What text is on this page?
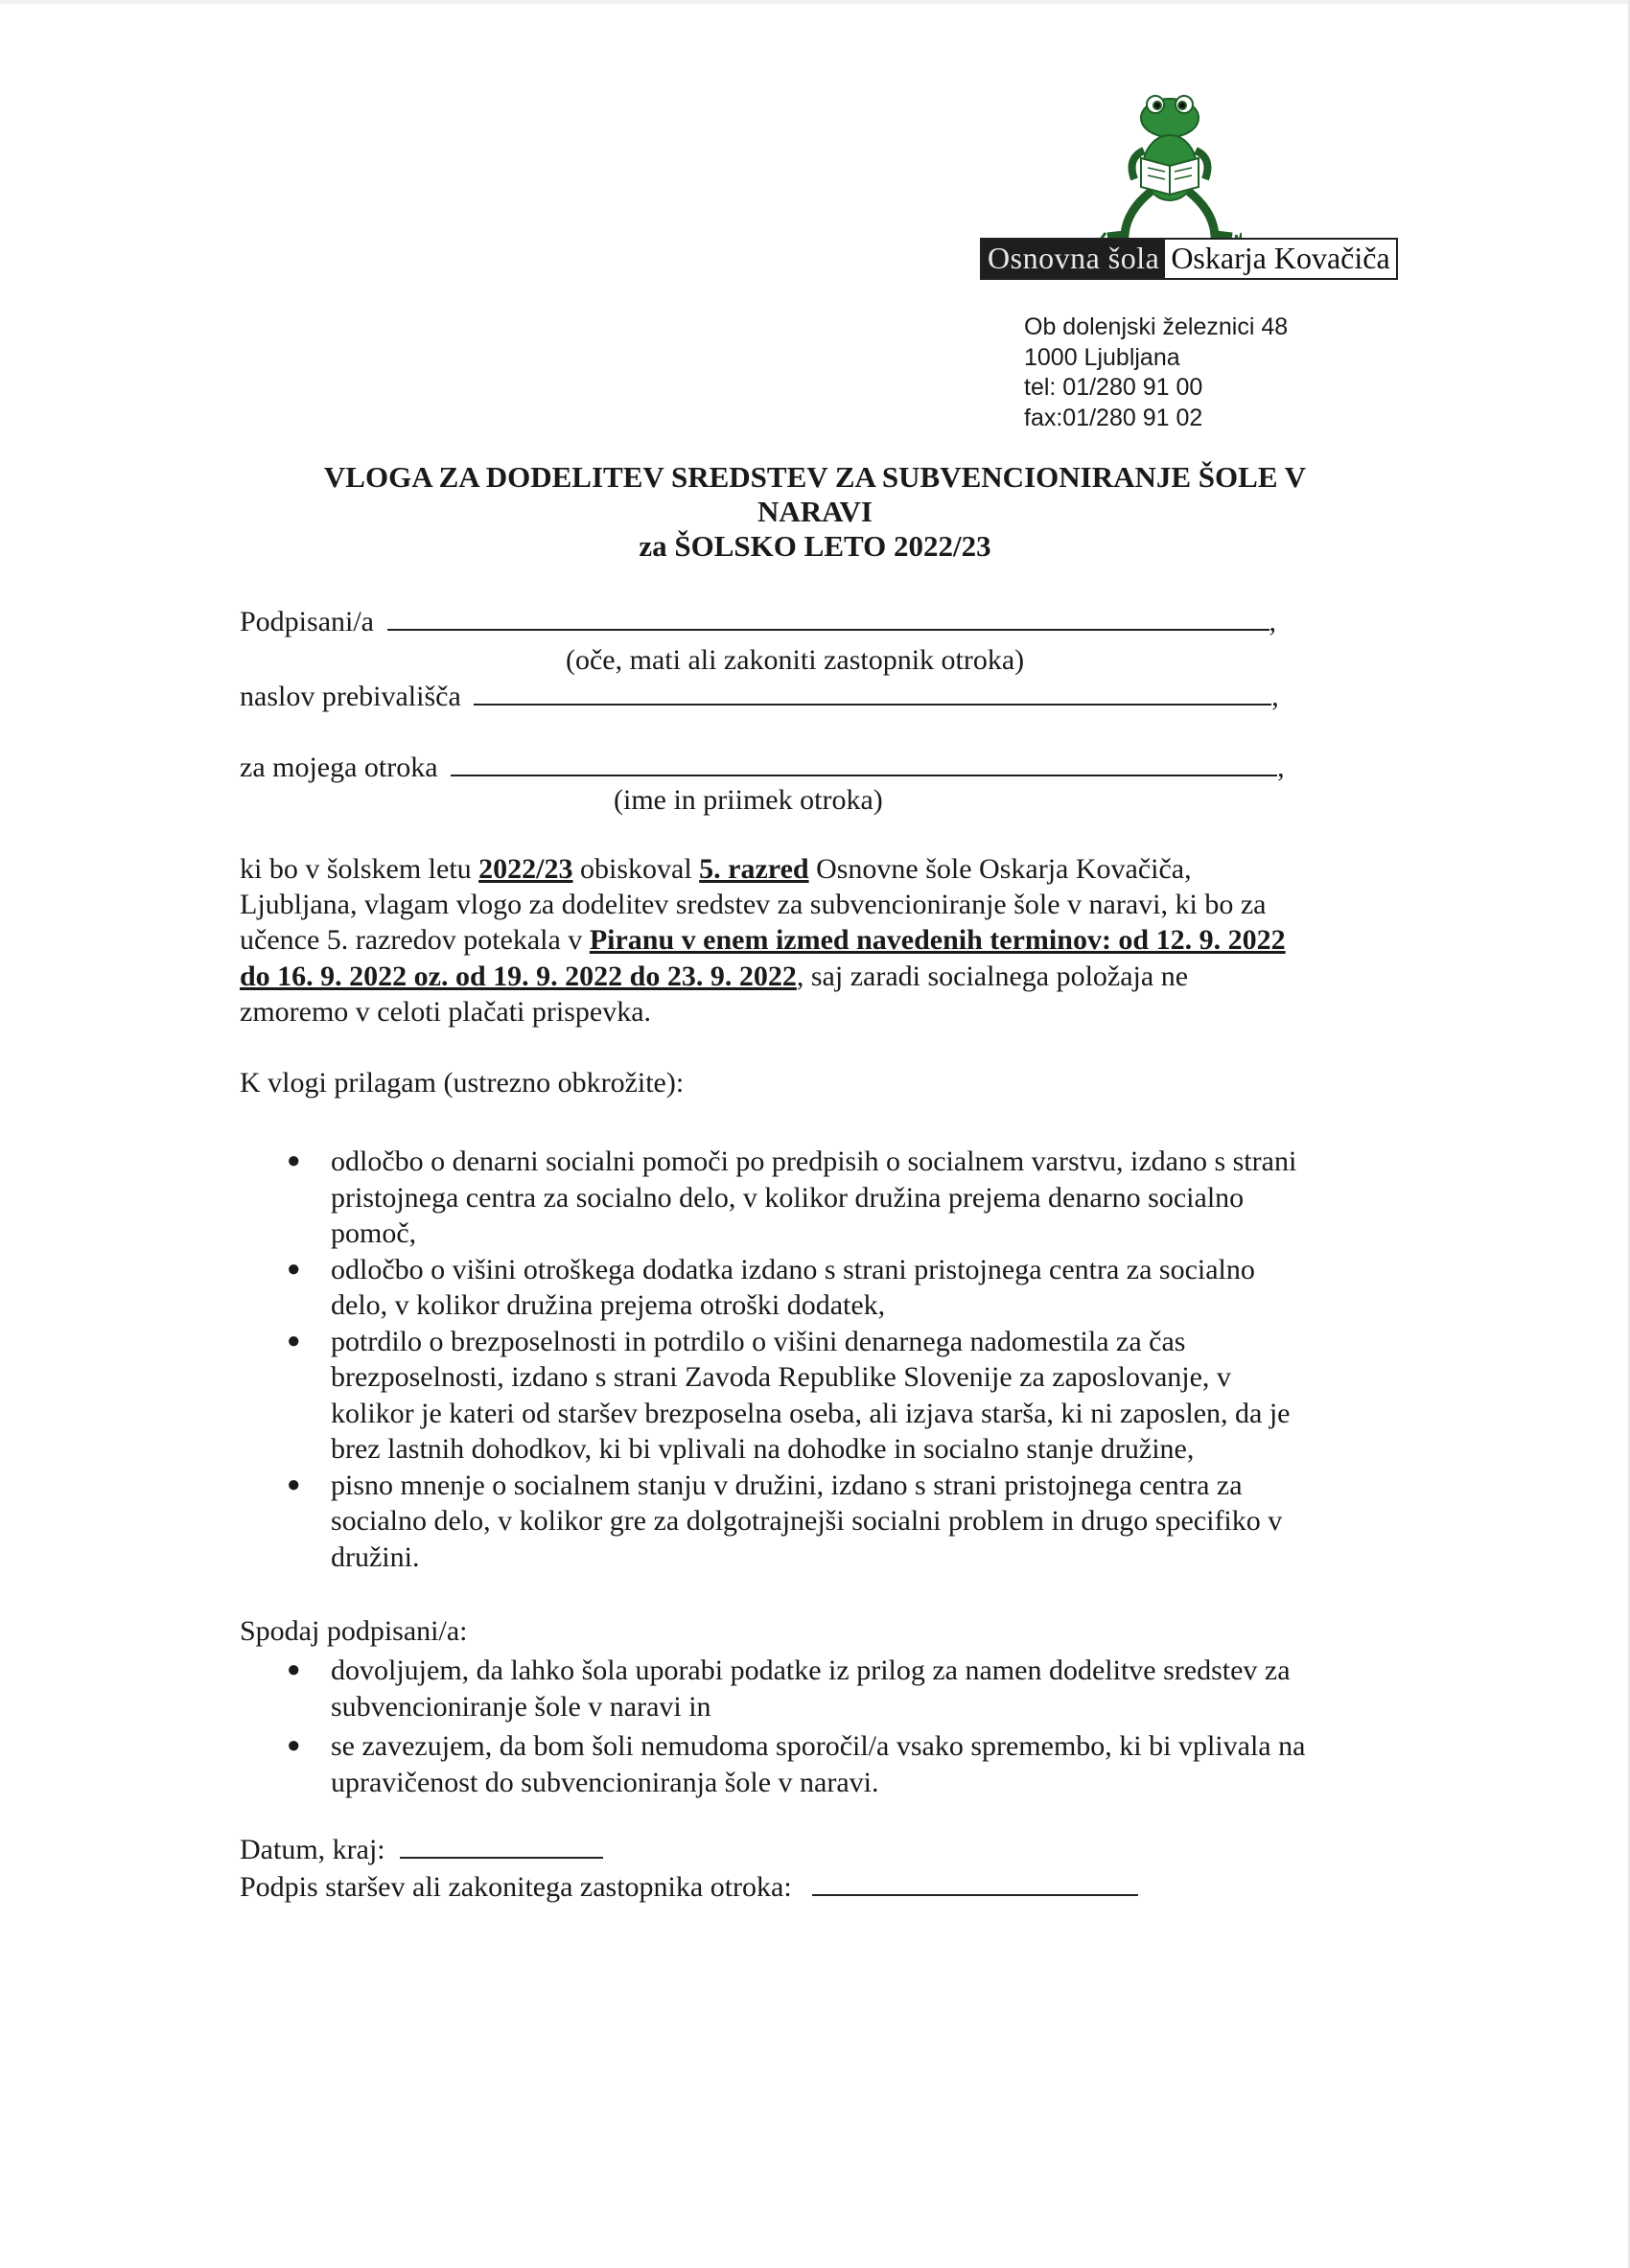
Osnovna šola Oskarja Kovačiča
Ob dolenjski železnici 48
1000 Ljubljana
tel: 01/280 91 00
fax:01/280 91 02
VLOGA ZA DODELITEV SREDSTEV ZA SUBVENCIONIRANJE ŠOLE V
NARAVI
za ŠOLSKO LETO 2022/23
Podpisani/a	,
(oče, mati ali zakoniti zastopnik otroka)
naslov prebivališča	,
za mojega otroka	,
(ime in priimek otroka)
ki bo v šolskem letu 2022/23 obiskoval 5. razred Osnovne šole Oskarja Kovačiča,
Ljubljana, vlagam vlogo za dodelitev sredstev za subvencioniranje šole v naravi, ki bo za
učence 5. razredov potekala v Piranu v enem izmed navedenih terminov: od 12. 9. 2022
do 16. 9. 2022 oz. od 19. 9. 2022 do 23. 9. 2022, saj zaradi socialnega položaja ne
zmoremo v celoti plačati prispevka.
K vlogi prilagam (ustrezno obkrožite):
● odločbo o denarni socialni pomoči po predpisih o socialnem varstvu, izdano s strani
pristojnega centra za socialno delo, v kolikor družina prejema denarno socialno
pomoč,
● odločbo o višini otroškega dodatka izdano s strani pristojnega centra za socialno
delo, v kolikor družina prejema otroški dodatek,
● potrdilo o brezposelnosti in potrdilo o višini denarnega nadomestila za čas
brezposelnosti, izdano s strani Zavoda Republike Slovenije za zaposlovanje, v
kolikor je kateri od staršev brezposelna oseba, ali izjava starša, ki ni zaposlen, da je
brez lastnih dohodkov, ki bi vplivali na dohodke in socialno stanje družine,
● pisno mnenje o socialnem stanju v družini, izdano s strani pristojnega centra za
socialno delo, v kolikor gre za dolgotrajnejši socialni problem in drugo specifiko v
družini.
Spodaj podpisani/a:
● dovoljujem, da lahko šola uporabi podatke iz prilog za namen dodelitve sredstev za
subvencioniranje šole v naravi in
● se zavezujem, da bom šoli nemudoma sporočil/a vsako spremembo, ki bi vplivala na
upravičenost do subvencioniranja šole v naravi.
Datum, kraj:
Podpis staršev ali zakonitega zastopnika otroka:
